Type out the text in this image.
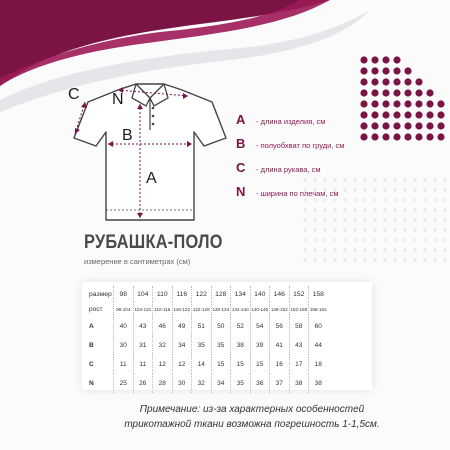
C N
B
A
A	- длина изделия, см
B	- полуобхват по груди, см
C	- длина рукава, см
N	- ширина по плечам, см
РУБАШКА-ПОЛО
измерение в сантиметрах (см)
размер	98	104	110	116	122	128	134	140	146	152	158
рост	98-104	104-110	110-116	116-122	122-128	128-134	134-140	140-146	146-152	152-158	158-164
A	40	43	46	49	51	50	52	54	56	58	60
B	30	31	32	34	35	35	38	39	41	43	44
C	11	11	12	12	14	15	15	15	16	17	18
N	25	26	28	30	32	34	35	36	37	38	38
Примечание: из-за характерных особенностей
трикотажной ткани возможна погрешность 1-1,5см.
